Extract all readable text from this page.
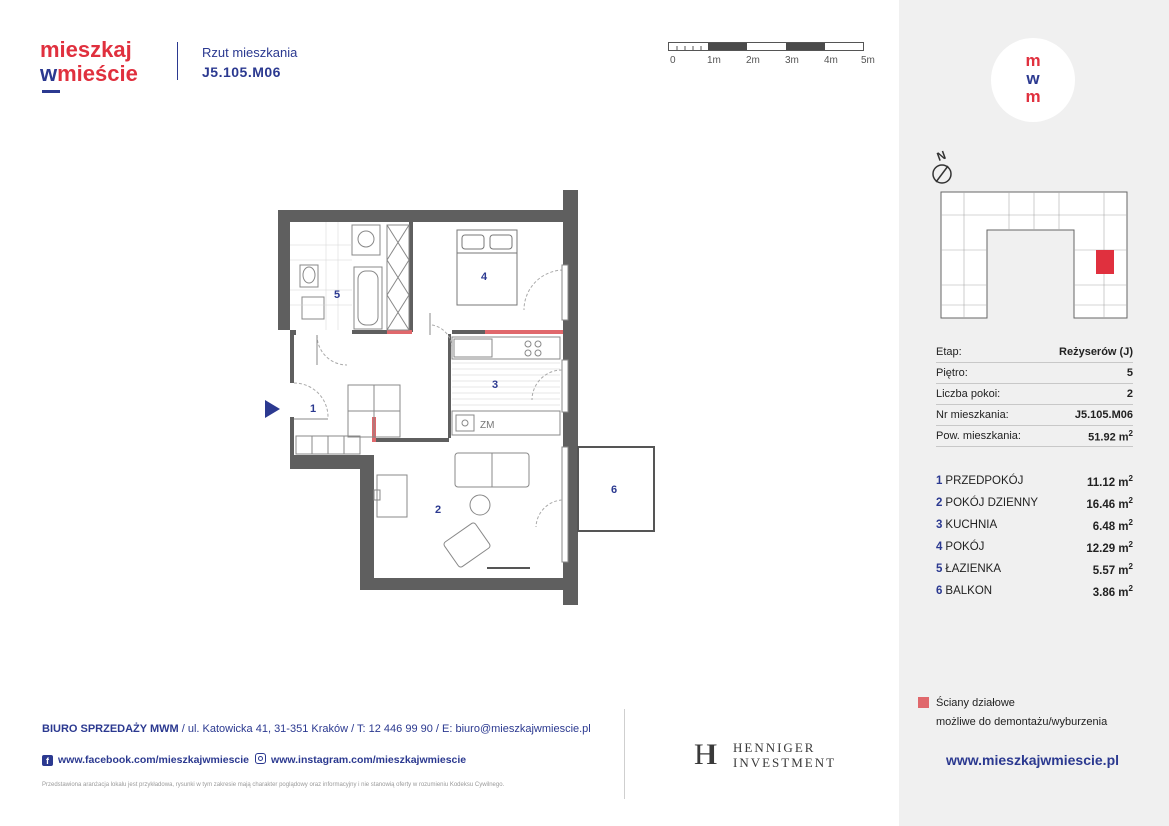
mieszkaj
wmieście
Rzut mieszkania
J5.105.M06
0	1m	2m	3m	4m 5m
ZM
1
2
3
4
5
6
m
w
m
N
Etap:	Reżyserów (J)
Piętro:	5
Liczba pokoi:	2
Nr mieszkania:	J5.105.M06
Pow. mieszkania:	51.92 $m^2$
1 PRZEDPOKÓJ	11.12 $m^2$
2 POKÓJ DZIENNY	16.46 $m^2$
3 KUCHNIA	6.48 $m^2$
4 POKÓJ	12.29 $m^2$
5 ŁAZIENKA	5.57 $m^2$
6 BALKON	3.86 $m^2$
Ściany działowe
możliwe do demontażu/wyburzenia
www.mieszkajwmiescie.pl
BIURO SPRZEDAŻY MWM / ul. Katowicka 41, 31-351 Kraków / T: 12 446 99 90 / E: biuro@mieszkajwmiescie.pl
f www.facebook.com/mieszkajwmiescie www.instagram.com/mieszkajwmiescie
Przedstawiona aranżacja lokalu jest przykładowa, rysunki w tym zakresie mają charakter poglądowy oraz informacyjny i nie stanowią oferty w rozumieniu Kodeksu Cywilnego.
HI HENNIGER
INVESTMENT
